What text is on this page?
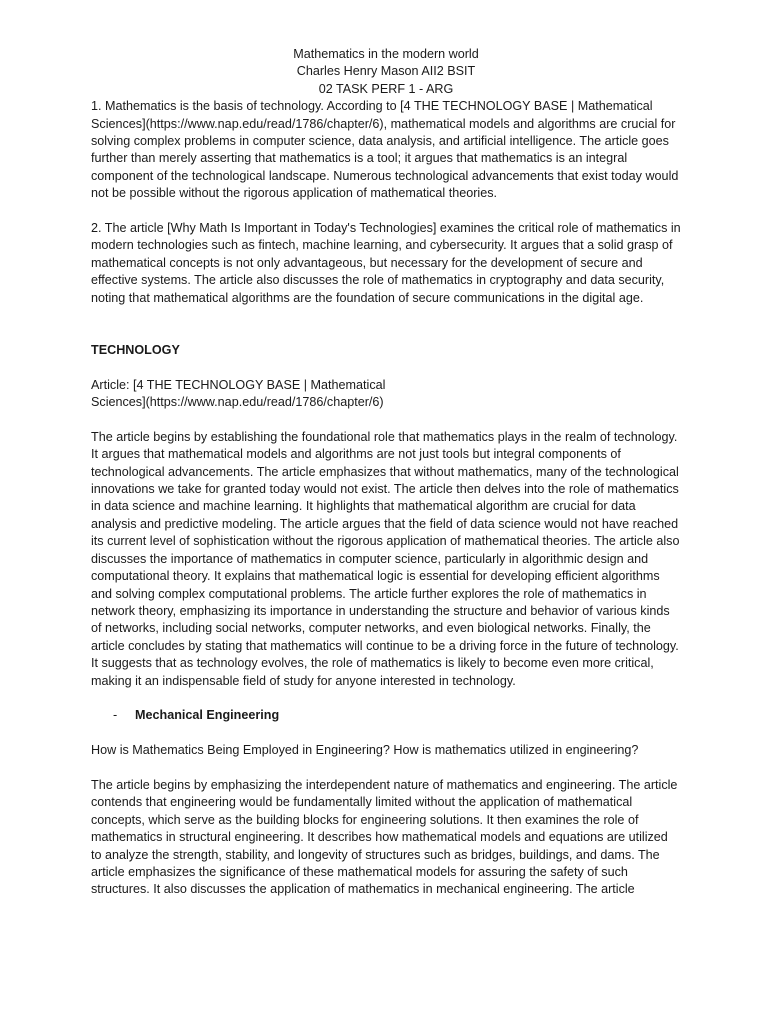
Mathematics in the modern world

Charles Henry Mason AII2 BSIT

02 TASK PERF 1 - ARG

1. Mathematics is the basis of technology. According to [4 THE TECHNOLOGY BASE | Mathematical Sciences](https://www.nap.edu/read/1786/chapter/6), mathematical models and algorithms are crucial for solving complex problems in computer science, data analysis, and artificial intelligence. The article goes further than merely asserting that mathematics is a tool; it argues that mathematics is an integral component of the technological landscape. Numerous technological advancements that exist today would not be possible without the rigorous application of mathematical theories.

2. The article [Why Math Is Important in Today's Technologies] examines the critical role of mathematics in modern technologies such as fintech, machine learning, and cybersecurity. It argues that a solid grasp of mathematical concepts is not only advantageous, but necessary for the development of secure and effective systems. The article also discusses the role of mathematics in cryptography and data security, noting that mathematical algorithms are the foundation of secure communications in the digital age.

TECHNOLOGY

Article: [4 THE TECHNOLOGY BASE | Mathematical

Sciences](https://www.nap.edu/read/1786/chapter/6)

The article begins by establishing the foundational role that mathematics plays in the realm of technology. It argues that mathematical models and algorithms are not just tools but integral components of technological advancements. The article emphasizes that without mathematics, many of the technological innovations we take for granted today would not exist. The article then delves into the role of mathematics in data science and machine learning. It highlights that mathematical algorithm are crucial for data analysis and predictive modeling. The article argues that the field of data science would not have reached its current level of sophistication without the rigorous application of mathematical theories. The article also discusses the importance of mathematics in computer science, particularly in algorithmic design and computational theory. It explains that mathematical logic is essential for developing efficient algorithms and solving complex computational problems. The article further explores the role of mathematics in network theory, emphasizing its importance in understanding the structure and behavior of various kinds of networks, including social networks, computer networks, and even biological networks. Finally, the article concludes by stating that mathematics will continue to be a driving force in the future of technology. It suggests that as technology evolves, the role of mathematics is likely to become even more critical, making it an indispensable field of study for anyone interested in technology.

-	Mechanical Engineering

How is Mathematics Being Employed in Engineering? How is mathematics utilized in engineering?

The article begins by emphasizing the interdependent nature of mathematics and engineering. The article contends that engineering would be fundamentally limited without the application of mathematical concepts, which serve as the building blocks for engineering solutions. It then examines the role of mathematics in structural engineering. It describes how mathematical models and equations are utilized to analyze the strength, stability, and longevity of structures such as bridges, buildings, and dams. The article emphasizes the significance of these mathematical models for assuring the safety of such structures. It also discusses the application of mathematics in mechanical engineering. The article
